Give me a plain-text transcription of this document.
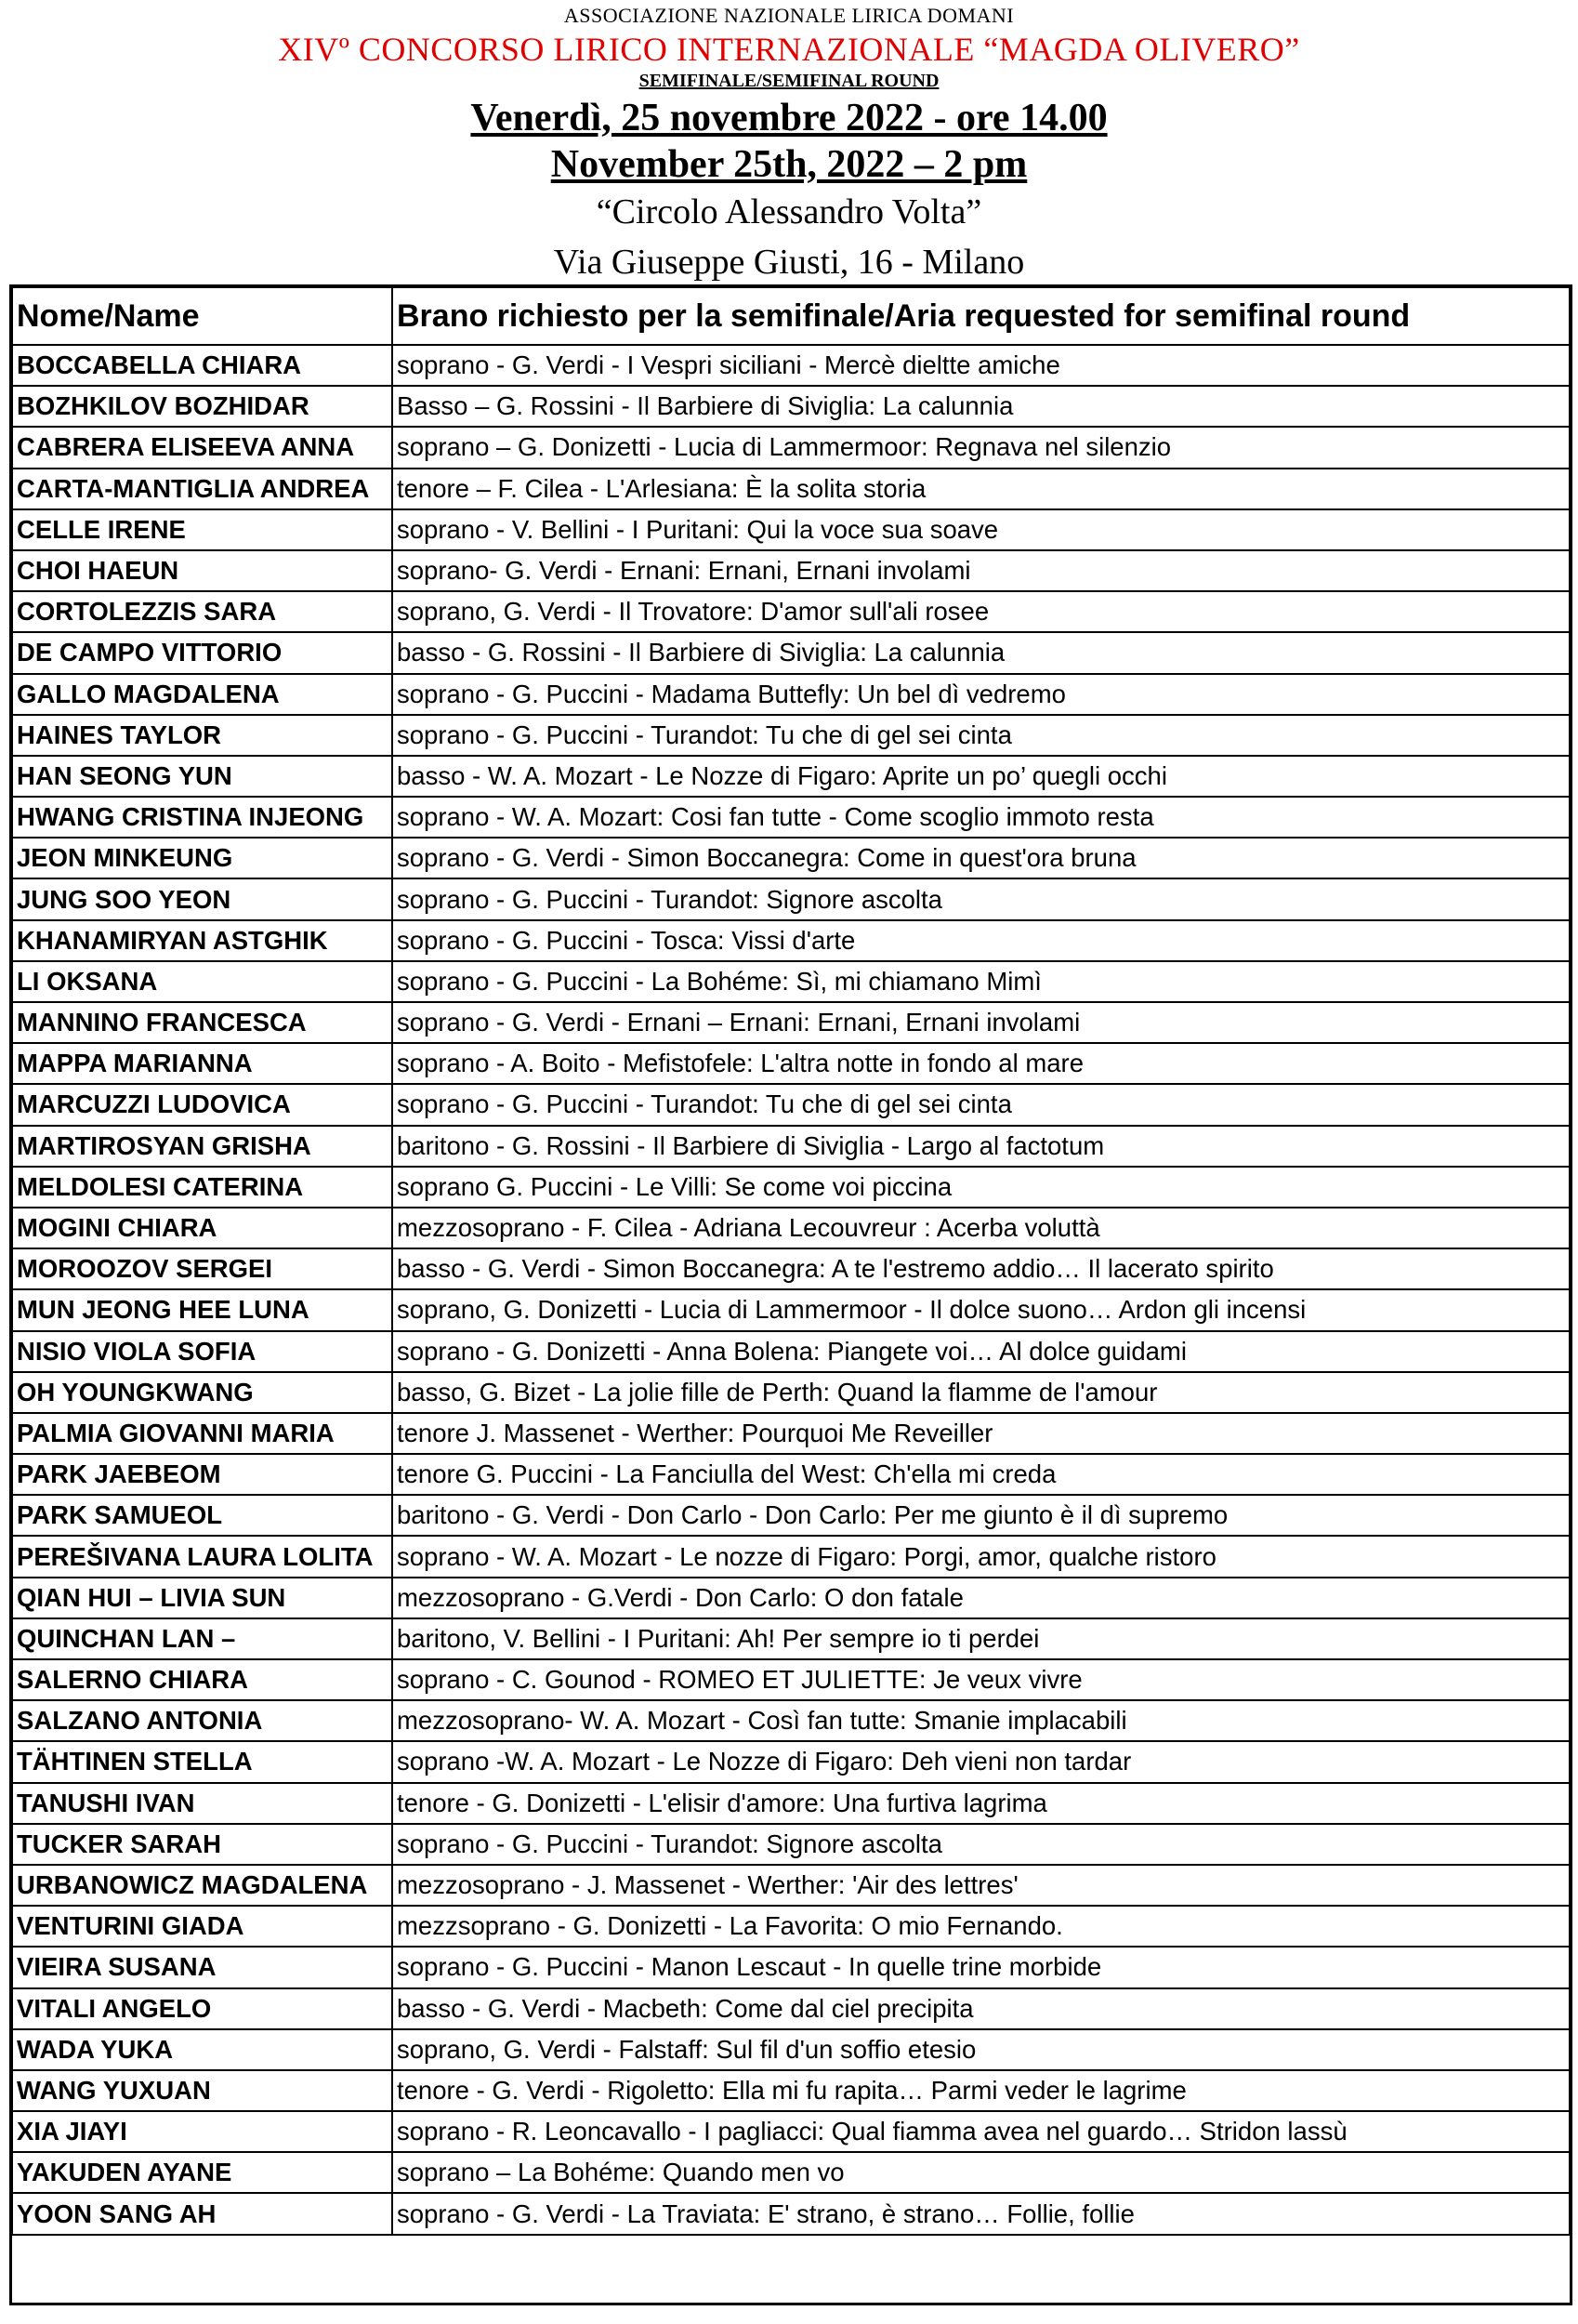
ASSOCIAZIONE NAZIONALE LIRICA DOMANI
XIVº CONCORSO LIRICO INTERNAZIONALE “MAGDA OLIVERO”
SEMIFINALE/SEMIFINAL ROUND
Venerdì, 25 novembre 2022 - ore 14.00
November 25th, 2022 – 2 pm
“Circolo Alessandro Volta”
Via Giuseppe Giusti, 16 - Milano
Nome/Name	Brano richiesto per la semifinale/Aria requested for semifinal round
BOCCABELLA CHIARA	soprano - G. Verdi - I Vespri siciliani - Mercè dieltte amiche
BOZHKILOV BOZHIDAR	Basso – G. Rossini - Il Barbiere di Siviglia: La calunnia
CABRERA ELISEEVA ANNA	soprano – G. Donizetti - Lucia di Lammermoor: Regnava nel silenzio
CARTA-MANTIGLIA ANDREA	tenore – F. Cilea - L'Arlesiana: È la solita storia
CELLE IRENE	soprano - V. Bellini - I Puritani: Qui la voce sua soave
CHOI HAEUN	soprano- G. Verdi - Ernani: Ernani, Ernani involami
CORTOLEZZIS SARA	soprano, G. Verdi - Il Trovatore: D'amor sull'ali rosee
DE CAMPO VITTORIO	basso - G. Rossini - Il Barbiere di Siviglia: La calunnia
GALLO MAGDALENA	soprano - G. Puccini - Madama Buttefly: Un bel dì vedremo
HAINES TAYLOR	soprano - G. Puccini - Turandot: Tu che di gel sei cinta
HAN SEONG YUN	basso - W. A. Mozart - Le Nozze di Figaro: Aprite un po’ quegli occhi
HWANG CRISTINA INJEONG	soprano - W. A. Mozart: Cosi fan tutte - Come scoglio immoto resta
JEON MINKEUNG	soprano - G. Verdi - Simon Boccanegra: Come in quest'ora bruna
JUNG SOO YEON	soprano - G. Puccini - Turandot: Signore ascolta
KHANAMIRYAN ASTGHIK	soprano - G. Puccini - Tosca: Vissi d'arte
LI OKSANA	soprano - G. Puccini - La Bohéme: Sì, mi chiamano Mimì
MANNINO FRANCESCA	soprano - G. Verdi - Ernani – Ernani: Ernani, Ernani involami
MAPPA MARIANNA	soprano - A. Boito - Mefistofele: L'altra notte in fondo al mare
MARCUZZI LUDOVICA	soprano - G. Puccini - Turandot: Tu che di gel sei cinta
MARTIROSYAN GRISHA	baritono - G. Rossini - Il Barbiere di Siviglia - Largo al factotum
MELDOLESI CATERINA	soprano G. Puccini - Le Villi: Se come voi piccina
MOGINI CHIARA	mezzosoprano - F. Cilea - Adriana Lecouvreur : Acerba voluttà
MOROOZOV SERGEI	basso - G. Verdi - Simon Boccanegra: A te l'estremo addio… Il lacerato spirito
MUN JEONG HEE LUNA	soprano, G. Donizetti - Lucia di Lammermoor - Il dolce suono… Ardon gli incensi
NISIO VIOLA SOFIA	soprano - G. Donizetti - Anna Bolena: Piangete voi… Al dolce guidami
OH YOUNGKWANG	basso, G. Bizet - La jolie fille de Perth: Quand la flamme de l'amour
PALMIA GIOVANNI MARIA	tenore J. Massenet - Werther: Pourquoi Me Reveiller
PARK JAEBEOM	tenore G. Puccini - La Fanciulla del West: Ch'ella mi creda
PARK SAMUEOL	baritono - G. Verdi - Don Carlo - Don Carlo: Per me giunto è il dì supremo
PEREŠIVANA LAURA LOLITA	soprano - W. A. Mozart - Le nozze di Figaro: Porgi, amor, qualche ristoro
QIAN HUI – LIVIA SUN	mezzosoprano - G.Verdi - Don Carlo: O don fatale
QUINCHAN LAN –	baritono, V. Bellini - I Puritani: Ah! Per sempre io ti perdei
SALERNO CHIARA	soprano - C. Gounod - ROMEO ET JULIETTE: Je veux vivre
SALZANO ANTONIA	mezzosoprano- W. A. Mozart - Così fan tutte: Smanie implacabili
TÄHTINEN STELLA	soprano -W. A. Mozart - Le Nozze di Figaro: Deh vieni non tardar
TANUSHI IVAN	tenore - G. Donizetti - L'elisir d'amore: Una furtiva lagrima
TUCKER SARAH	soprano - G. Puccini - Turandot: Signore ascolta
URBANOWICZ MAGDALENA	mezzosoprano - J. Massenet - Werther: 'Air des lettres'
VENTURINI GIADA	mezzsoprano - G. Donizetti - La Favorita: O mio Fernando.
VIEIRA SUSANA	soprano - G. Puccini - Manon Lescaut - In quelle trine morbide
VITALI ANGELO	basso - G. Verdi - Macbeth: Come dal ciel precipita
WADA YUKA	soprano, G. Verdi - Falstaff: Sul fil d'un soffio etesio
WANG YUXUAN	tenore - G. Verdi - Rigoletto: Ella mi fu rapita… Parmi veder le lagrime
XIA JIAYI	soprano - R. Leoncavallo - I pagliacci: Qual fiamma avea nel guardo… Stridon lassù
YAKUDEN AYANE	soprano – La Bohéme: Quando men vo
YOON SANG AH	soprano - G. Verdi - La Traviata: E' strano, è strano… Follie, follie
